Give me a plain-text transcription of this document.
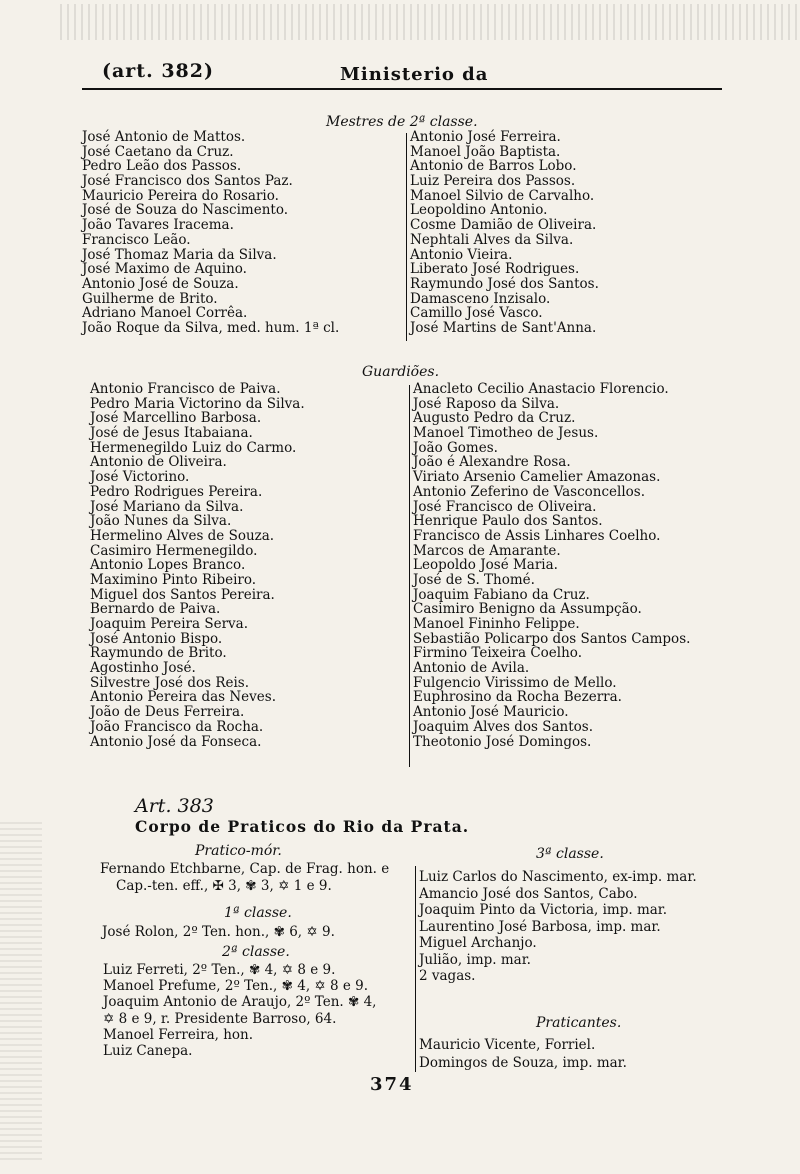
(art. 382)	Ministerio da
Mestres de 2ª classe.
José Antonio de Mattos.
José Caetano da Cruz.
Pedro Leão dos Passos.
José Francisco dos Santos Paz.
Mauricio Pereira do Rosario.
José de Souza do Nascimento.
João Tavares Iracema.
Francisco Leão.
José Thomaz Maria da Silva.
José Maximo de Aquino.
Antonio José de Souza.
Guilherme de Brito.
Adriano Manoel Corrêa.
João Roque da Silva, med. hum. 1ª cl.
Antonio José Ferreira.
Manoel João Baptista.
Antonio de Barros Lobo.
Luiz Pereira dos Passos.
Manoel Silvio de Carvalho.
Leopoldino Antonio.
Cosme Damião de Oliveira.
Nephtali Alves da Silva.
Antonio Vieira.
Liberato José Rodrigues.
Raymundo José dos Santos.
Damasceno Inzisalo.
Camillo José Vasco.
José Martins de Sant'Anna.
Guardiões.
Antonio Francisco de Paiva.
Pedro Maria Victorino da Silva.
José Marcellino Barbosa.
José de Jesus Itabaiana.
Hermenegildo Luiz do Carmo.
Antonio de Oliveira.
José Victorino.
Pedro Rodrigues Pereira.
José Mariano da Silva.
João Nunes da Silva.
Hermelino Alves de Souza.
Casimiro Hermenegildo.
Antonio Lopes Branco.
Maximino Pinto Ribeiro.
Miguel dos Santos Pereira.
Bernardo de Paiva.
Joaquim Pereira Serva.
José Antonio Bispo.
Raymundo de Brito.
Agostinho José.
Silvestre José dos Reis.
Antonio Pereira das Neves.
João de Deus Ferreira.
João Francisco da Rocha.
Antonio José da Fonseca.
Anacleto Cecilio Anastacio Florencio.
José Raposo da Silva.
Augusto Pedro da Cruz.
Manoel Timotheo de Jesus.
João Gomes.
João é Alexandre Rosa.
Viriato Arsenio Camelier Amazonas.
Antonio Zeferino de Vasconcellos.
José Francisco de Oliveira.
Henrique Paulo dos Santos.
Francisco de Assis Linhares Coelho.
Marcos de Amarante.
Leopoldo José Maria.
José de S. Thomé.
Joaquim Fabiano da Cruz.
Casimiro Benigno da Assumpção.
Manoel Fininho Felippe.
Sebastião Policarpo dos Santos Campos.
Firmino Teixeira Coelho.
Antonio de Avila.
Fulgencio Virissimo de Mello.
Euphrosino da Rocha Bezerra.
Antonio José Mauricio.
Joaquim Alves dos Santos.
Theotonio José Domingos.
Art. 383
Corpo de Praticos do Rio da Prata.
Pratico-mór.
Fernando Etchbarne, Cap. de Frag. hon. e
Cap.-ten. eff., ✠ 3, ✾ 3, ✡ 1 e 9.
1ª classe.
José Rolon, 2º Ten. hon., ✾ 6, ✡ 9.
2ª classe.
Luiz Ferreti, 2º Ten., ✾ 4, ✡ 8 e 9.
Manoel Prefume, 2º Ten., ✾ 4, ✡ 8 e 9.
Joaquim Antonio de Araujo, 2º Ten. ✾ 4,
✡ 8 e 9, r. Presidente Barroso, 64.
Manoel Ferreira, hon.
Luiz Canepa.
3ª classe.
Luiz Carlos do Nascimento, ex-imp. mar.
Amancio José dos Santos, Cabo.
Joaquim Pinto da Victoria, imp. mar.
Laurentino José Barbosa, imp. mar.
Miguel Archanjo.
Julião, imp. mar.
2 vagas.
Praticantes.
Mauricio Vicente, Forriel.
Domingos de Souza, imp. mar.
374
